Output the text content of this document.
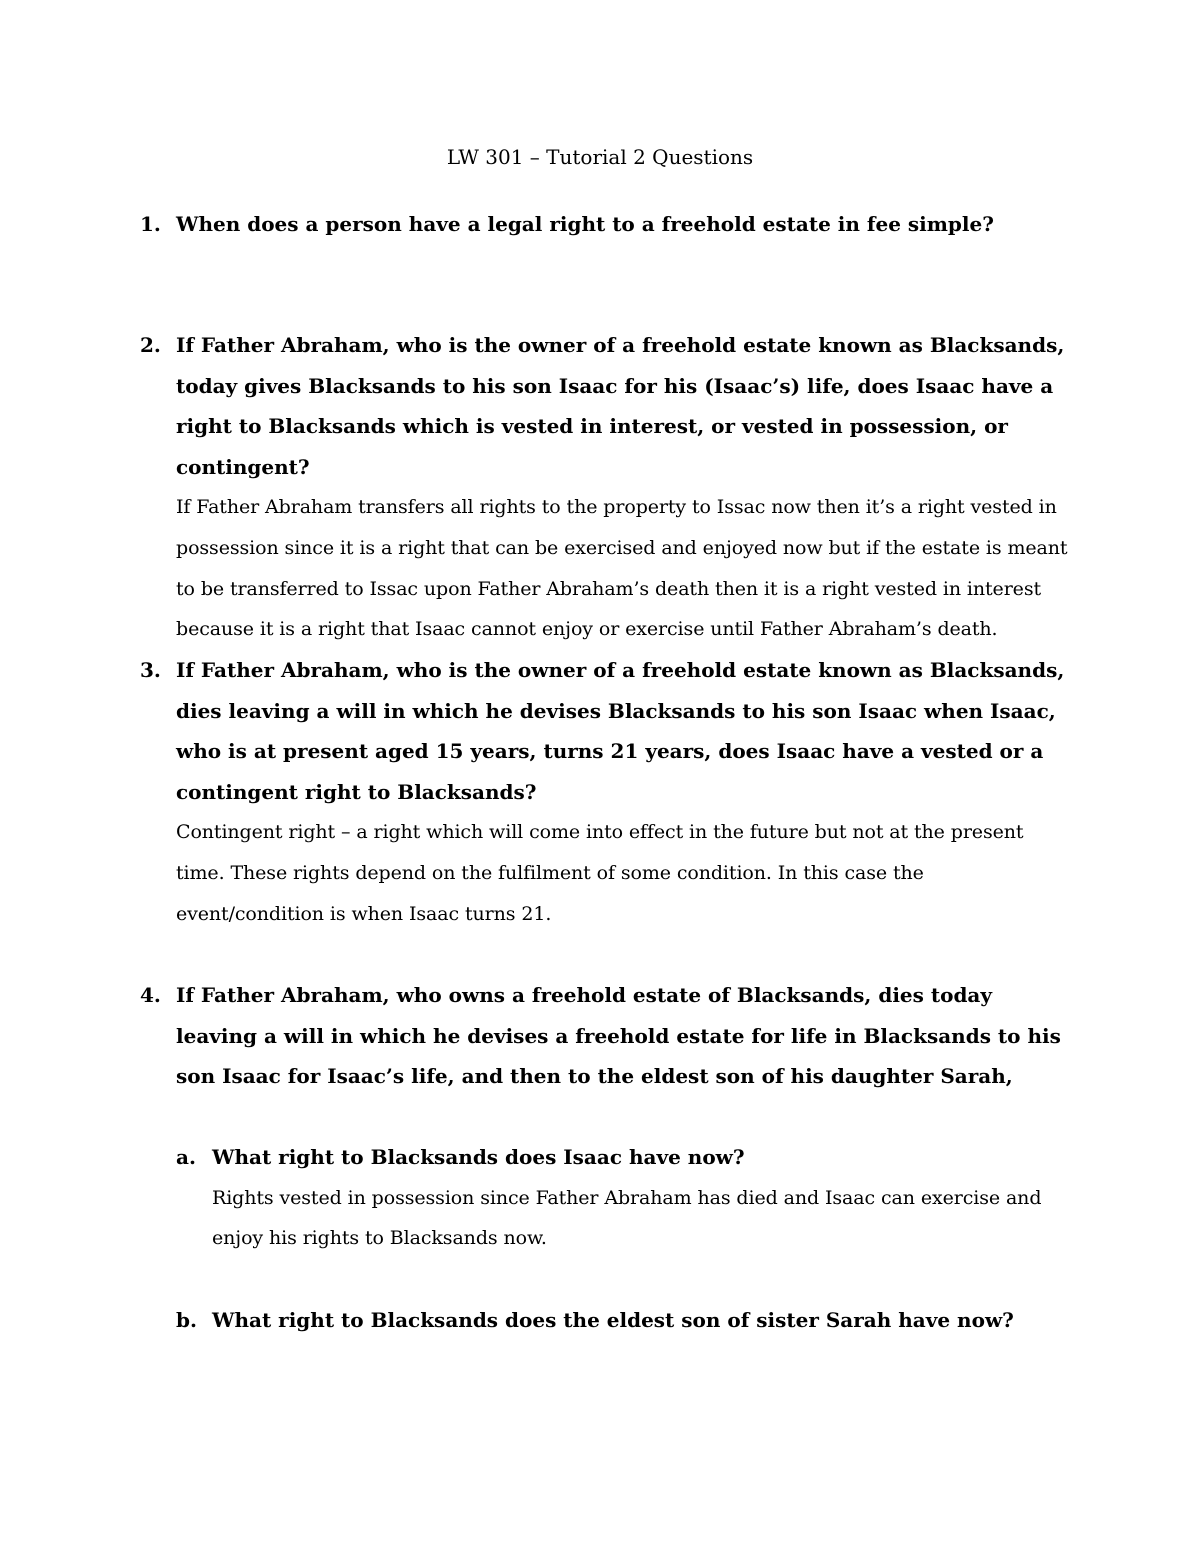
LW 301 – Tutorial 2 Questions
1. When does a person have a legal right to a freehold estate in fee simple?

2. If Father Abraham, who is the owner of a freehold estate known as Blacksands, today gives Blacksands to his son Isaac for his (Isaac’s) life, does Isaac have a right to Blacksands which is vested in interest, or vested in possession, or contingent?

If Father Abraham transfers all rights to the property to Issac now then it’s a right vested in possession since it is a right that can be exercised and enjoyed now but if the estate is meant to be transferred to Issac upon Father Abraham’s death then it is a right vested in interest because it is a right that Isaac cannot enjoy or exercise until Father Abraham’s death.

3. If Father Abraham, who is the owner of a freehold estate known as Blacksands, dies leaving a will in which he devises Blacksands to his son Isaac when Isaac, who is at present aged 15 years, turns 21 years, does Isaac have a vested or a contingent right to Blacksands?

Contingent right – a right which will come into effect in the future but not at the present time. These rights depend on the fulfilment of some condition. In this case the event/condition is when Isaac turns 21.

4. If Father Abraham, who owns a freehold estate of Blacksands, dies today leaving a will in which he devises a freehold estate for life in Blacksands to his son Isaac for Isaac’s life, and then to the eldest son of his daughter Sarah,

a. What right to Blacksands does Isaac have now?

Rights vested in possession since Father Abraham has died and Isaac can exercise and enjoy his rights to Blacksands now.

b. What right to Blacksands does the eldest son of sister Sarah have now?
